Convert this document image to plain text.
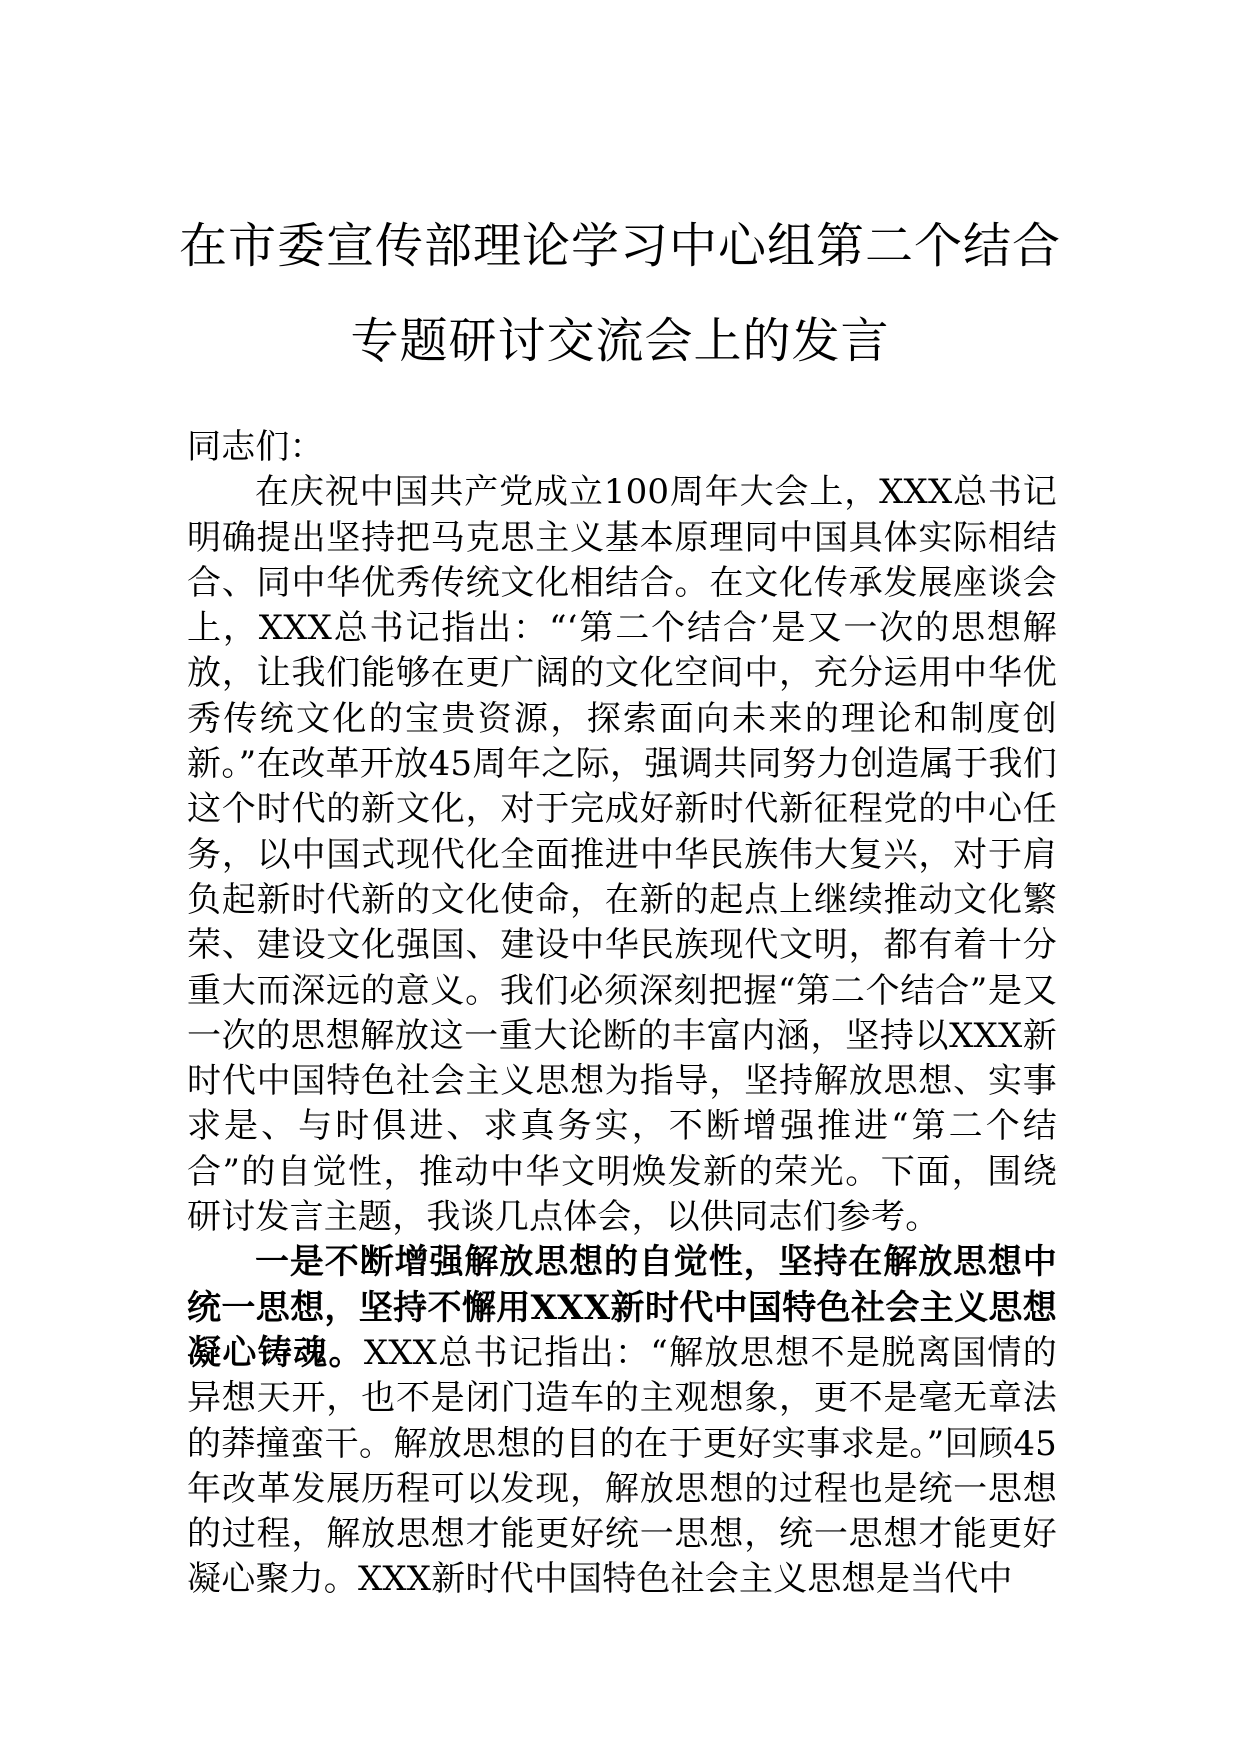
在市委宣传部理论学习中心组第二个结合
专题研讨交流会上的发言

同志们：

在庆祝中国共产党成立100周年大会上，XXX总书记明确提出坚持把马克思主义基本原理同中国具体实际相结合、同中华优秀传统文化相结合。在文化传承发展座谈会上，XXX总书记指出：“‘第二个结合’是又一次的思想解放，让我们能够在更广阔的文化空间中，充分运用中华优秀传统文化的宝贵资源，探索面向未来的理论和制度创新。”在改革开放45周年之际，强调共同努力创造属于我们这个时代的新文化，对于完成好新时代新征程党的中心任务，以中国式现代化全面推进中华民族伟大复兴，对于肩负起新时代新的文化使命，在新的起点上继续推动文化繁荣、建设文化强国、建设中华民族现代文明，都有着十分重大而深远的意义。我们必须深刻把握“第二个结合”是又一次的思想解放这一重大论断的丰富内涵，坚持以XXX新时代中国特色社会主义思想为指导，坚持解放思想、实事求是、与时俱进、求真务实，不断增强推进“第二个结合”的自觉性，推动中华文明焕发新的荣光。下面，围绕研讨发言主题，我谈几点体会，以供同志们参考。

一是不断增强解放思想的自觉性，坚持在解放思想中统一思想，坚持不懈用XXX新时代中国特色社会主义思想凝心铸魂。XXX总书记指出：“解放思想不是脱离国情的异想天开，也不是闭门造车的主观想象，更不是毫无章法的莽撞蛮干。解放思想的目的在于更好实事求是。”回顾45年改革发展历程可以发现，解放思想的过程也是统一思想的过程，解放思想才能更好统一思想，统一思想才能更好凝心聚力。XXX新时代中国特色社会主义思想是当代中
